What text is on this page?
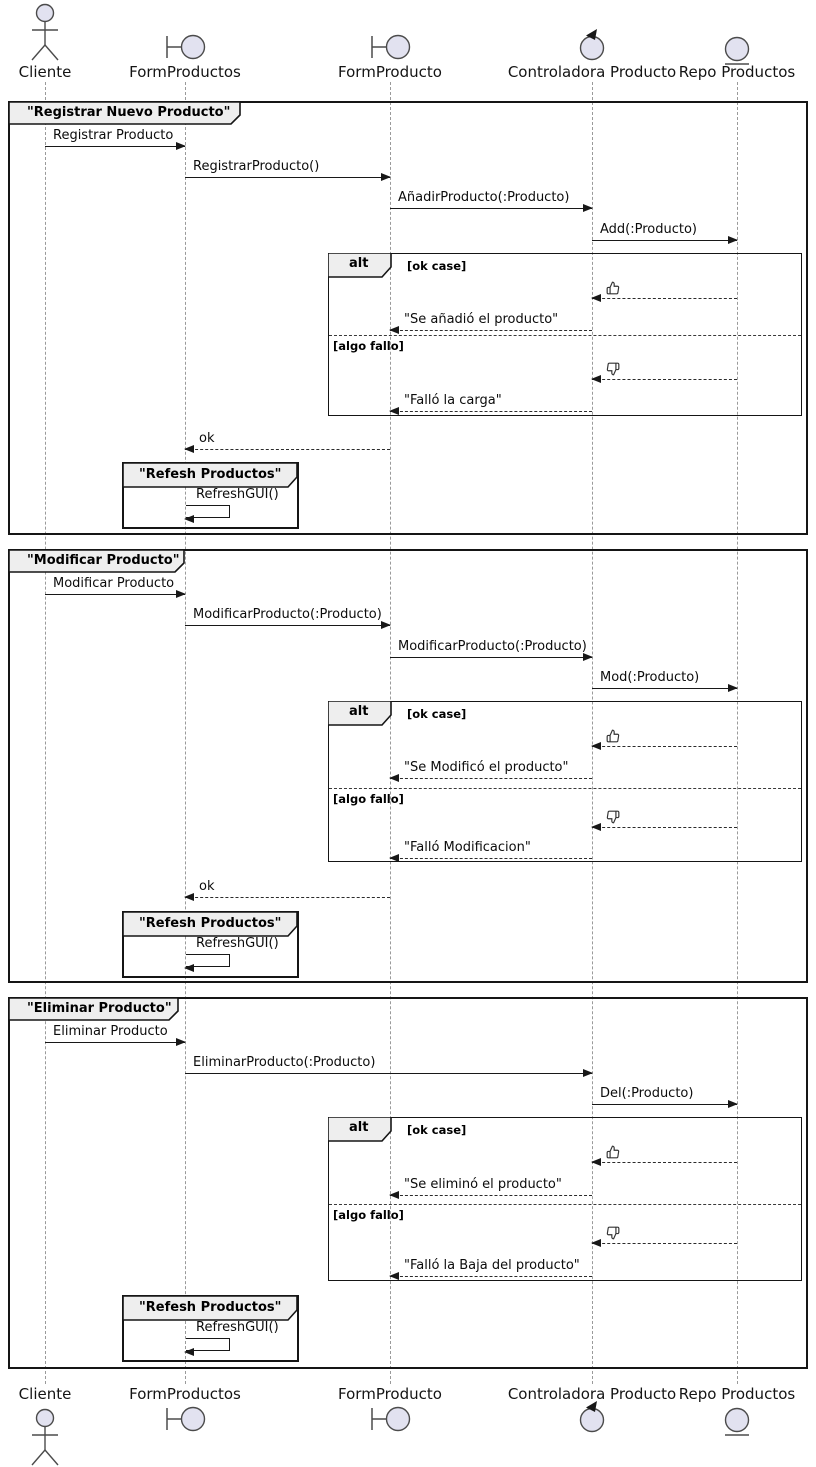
Cliente	FormProductos	FormProducto	Controladora Producto Repo Productos
"Registrar Nuevo Producto"
Registrar Producto
RegistrarProducto()
AñadirProducto(:Producto)
Add(:Producto)
alt	[ok case]
[algo fallo]
"Se añadió el producto"
"Falló la carga"
ok
"Refesh Productos"
RefreshGUI()
"Modificar Producto"
Modificar Producto
ModificarProducto(:Producto)
ModificarProducto(:Producto)
Mod(:Producto)
alt	[ok case]
[algo fallo]
"Se Modificó el producto"
"Falló Modificacion"
ok
"Refesh Productos"
RefreshGUI()
"Eliminar Producto"
Eliminar Producto
EliminarProducto(:Producto)
Del(:Producto)
alt	[ok case]
[algo fallo]
"Se eliminó el producto"
"Falló la Baja del producto"
"Refesh Productos"
RefreshGUI()
Cliente	FormProductos	FormProducto	Controladora Producto Repo Productos
